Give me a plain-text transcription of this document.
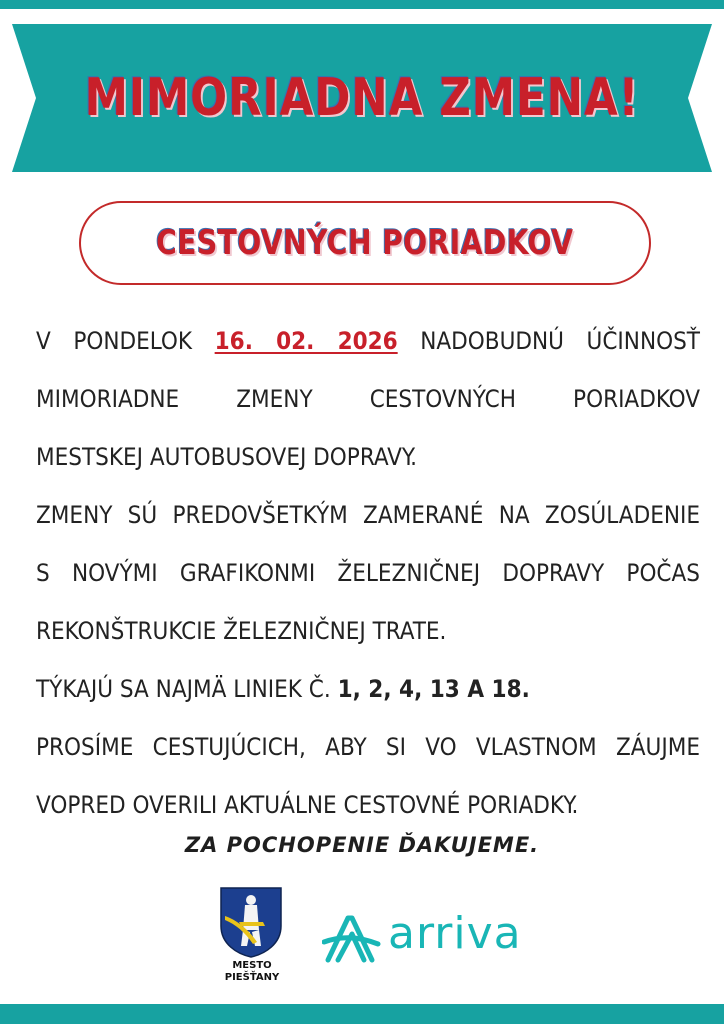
MIMORIADNA ZMENA!
CESTOVNÝCH PORIADKOV
V PONDELOK 16. 02. 2026 NADOBUDNÚ ÚČINNOSŤ
MIMORIADNE ZMENY CESTOVNÝCH PORIADKOV
MESTSKEJ AUTOBUSOVEJ DOPRAVY.
ZMENY SÚ PREDOVŠETKÝM ZAMERANÉ NA ZOSÚLADENIE
S NOVÝMI GRAFIKONMI ŽELEZNIČNEJ DOPRAVY POČAS
REKONŠTRUKCIE ŽELEZNIČNEJ TRATE.
TÝKAJÚ SA NAJMÄ LINIEK Č. 1, 2, 4, 13 A 18.
PROSÍME CESTUJÚCICH, ABY SI VO VLASTNOM ZÁUJME
VOPRED OVERILI AKTUÁLNE CESTOVNÉ PORIADKY.
ZA POCHOPENIE ĎAKUJEME.
MESTO
PIEŠŤANY
arriva
